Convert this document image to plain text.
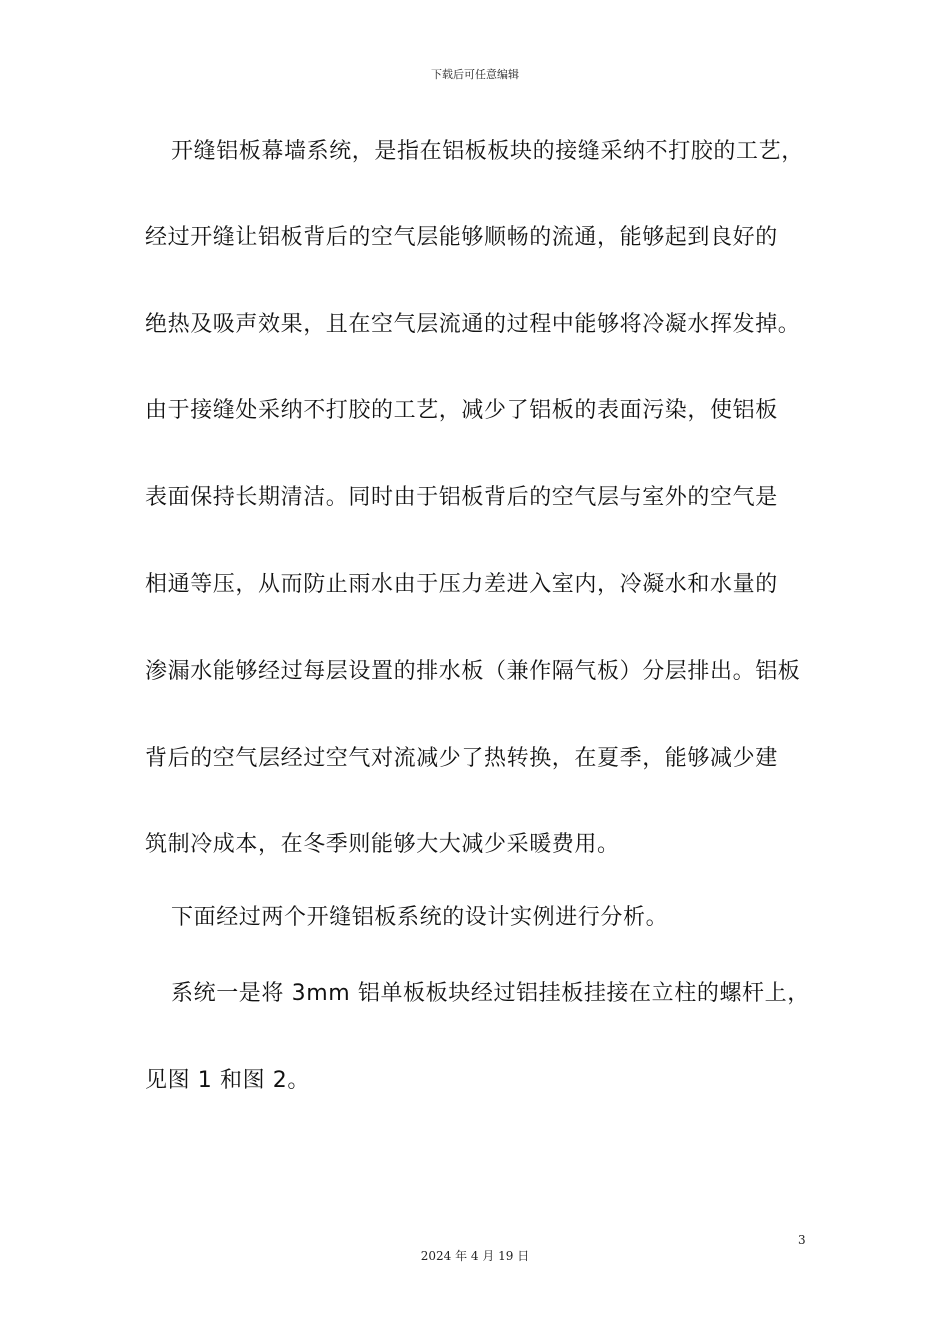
下载后可任意编辑
开缝铝板幕墙系统，是指在铝板板块的接缝采纳不打胶的工艺，
经过开缝让铝板背后的空气层能够顺畅的流通，能够起到良好的
绝热及吸声效果，且在空气层流通的过程中能够将冷凝水挥发掉。
由于接缝处采纳不打胶的工艺，减少了铝板的表面污染，使铝板
表面保持长期清洁。同时由于铝板背后的空气层与室外的空气是
相通等压，从而防止雨水由于压力差进入室内，冷凝水和水量的
渗漏水能够经过每层设置的排水板（兼作隔气板）分层排出。铝板
背后的空气层经过空气对流减少了热转换，在夏季，能够减少建
筑制冷成本，在冬季则能够大大减少采暖费用。
下面经过两个开缝铝板系统的设计实例进行分析。
系统一是将 3mm 铝单板板块经过铝挂板挂接在立柱的螺杆上，
见图 1 和图 2。
3
2024 年 4 月 19 日
